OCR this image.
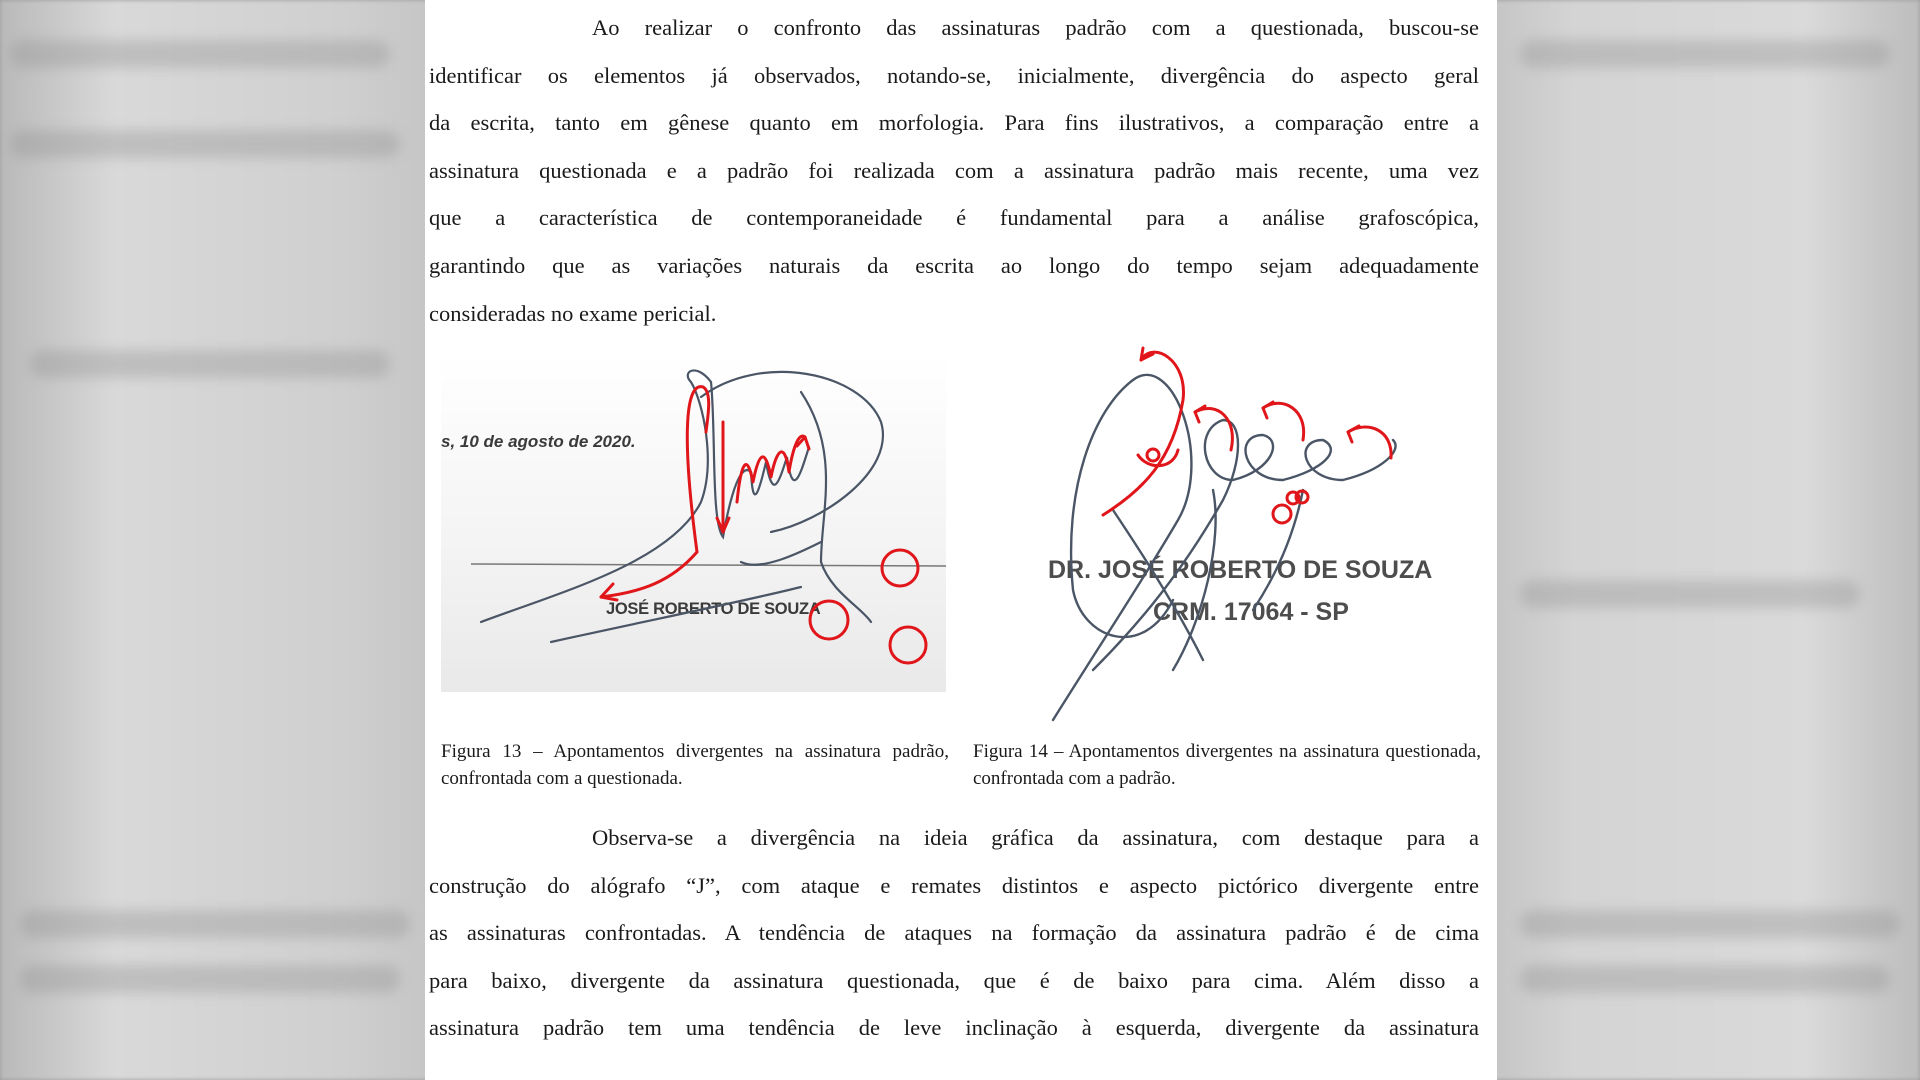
Ao realizar o confronto das assinaturas padrão com a questionada, buscou-se
identificar os elementos já observados, notando-se, inicialmente, divergência do aspecto geral
da escrita, tanto em gênese quanto em morfologia. Para fins ilustrativos, a comparação entre a
assinatura questionada e a padrão foi realizada com a assinatura padrão mais recente, uma vez
que a característica de contemporaneidade é fundamental para a análise grafoscópica,
garantindo que as variações naturais da escrita ao longo do tempo sejam adequadamente
consideradas no exame pericial.
s, 10 de agosto de 2020.
JOSÉ ROBERTO DE SOUZA
DR. JOSÉ ROBERTO DE SOUZA
CRM. 17064 - SP
Figura 13 – Apontamentos divergentes na assinatura padrão, confrontada com a questionada.
Figura 14 – Apontamentos divergentes na assinatura questionada, confrontada com a padrão.
Observa-se a divergência na ideia gráfica da assinatura, com destaque para a
construção do alógrafo “J”, com ataque e remates distintos e aspecto pictórico divergente entre
as assinaturas confrontadas. A tendência de ataques na formação da assinatura padrão é de cima
para baixo, divergente da assinatura questionada, que é de baixo para cima. Além disso a
assinatura padrão tem uma tendência de leve inclinação à esquerda, divergente da assinatura
